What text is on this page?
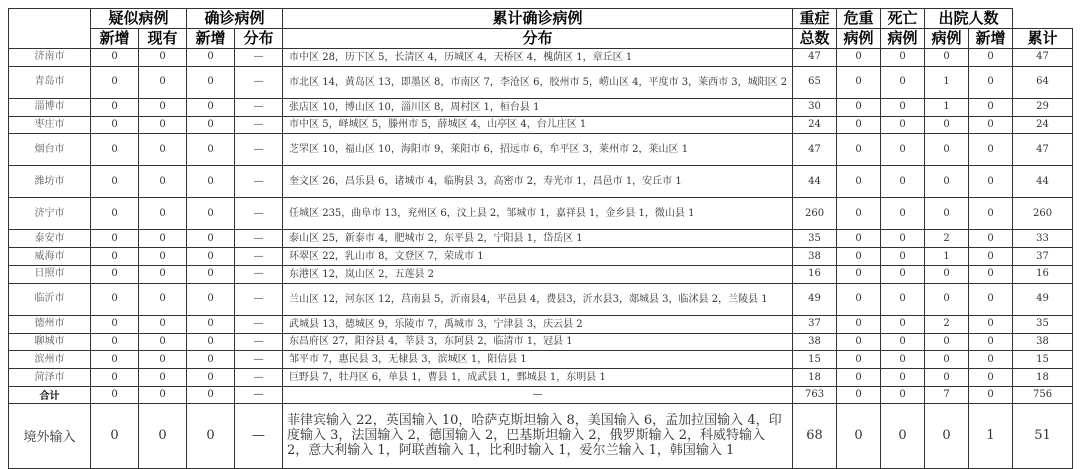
	疑似病例		确诊病例		累计确诊病例	重症	危重	死亡	出院人数		
	新增	现有	新增	分布	分布	总数	病例	病例	病例	新增	累计
济南市	0	0	0	—	市中区 28，历下区 5，长清区 4，历城区 4，天桥区 4，槐荫区 1，章丘区 1	47	0	0	0	0	47
青岛市	0	0	0	—	市北区 14，黄岛区 13，即墨区 8，市南区 7，李沧区 6，胶州市 5，崂山区 4，平度市 3，莱西市 3，城阳区 2	65	0	0	1	0	64
淄博市	0	0	0	—	张店区 10，博山区 10，淄川区 8，周村区 1，桓台县 1	30	0	0	1	0	29
枣庄市	0	0	0	—	市中区 5，峄城区 5，滕州市 5，薛城区 4，山亭区 4，台儿庄区 1	24	0	0	0	0	24
烟台市	0	0	0	—	芝罘区 10，福山区 10，海阳市 9，莱阳市 6，招远市 6，牟平区 3，莱州市 2，莱山区 1	47	0	0	0	0	47
潍坊市	0	0	0	—	奎文区 26，昌乐县 6，诸城市 4，临朐县 3，高密市 2，寿光市 1，昌邑市 1，安丘市 1	44	0	0	0	0	44
济宁市	0	0	0	—	任城区 235，曲阜市 13，兖州区 6，汶上县 2，邹城市 1，嘉祥县 1，金乡县 1，微山县 1	260	0	0	0	0	260
泰安市	0	0	0	—	泰山区 25，新泰市 4，肥城市 2，东平县 2，宁阳县 1，岱岳区 1	35	0	0	2	0	33
威海市	0	0	0	—	环翠区 22，乳山市 8，文登区 7，荣成市 1	38	0	0	1	0	37
日照市	0	0	0	—	东港区 12，岚山区 2，五莲县 2	16	0	0	0	0	16
临沂市	0	0	0	—	兰山区 12，河东区 12，莒南县 5，沂南县4，平邑县 4，费县3，沂水县3，郯城县 3，临沭县 2，兰陵县 1	49	0	0	0	0	49
德州市	0	0	0	—	武城县 13，德城区 9，乐陵市 7，禹城市 3，宁津县 3，庆云县 2	37	0	0	2	0	35
聊城市	0	0	0	—	东昌府区 27，阳谷县 4，莘县 3，东阿县 2，临清市 1，冠县 1	38	0	0	0	0	38
滨州市	0	0	0	—	邹平市 7，惠民县 3，无棣县 3，滨城区 1，阳信县 1	15	0	0	0	0	15
菏泽市	0	0	0	—	巨野县 7，牡丹区 6，单县 1，曹县 1，成武县 1，鄄城县 1，东明县 1	18	0	0	0	0	18
合计	0	0	0	—	—	763	0	0	7	0	756
境外输入	0	0	0	—	菲律宾输入 22，英国输入 10，哈萨克斯坦输入 8，美国输入 6，孟加拉国输入 4，印度输入 3，法国输入 2，德国输入 2，巴基斯坦输入 2，俄罗斯输入 2，科威特输入 2，意大利输入 1，阿联酋输入 1，比利时输入 1，爱尔兰输入 1，韩国输入 1	68	0	0	0	1	51
